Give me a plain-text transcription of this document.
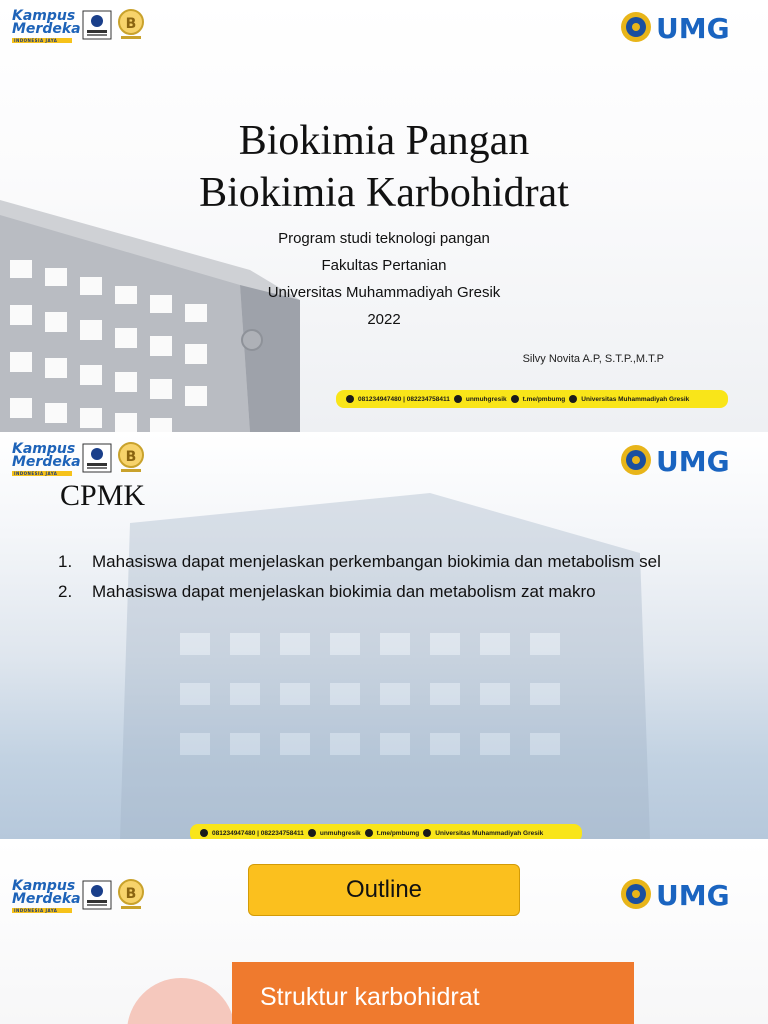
Kampus
Merdeka
INDONESIA JAYA
B	UMG
Biokimia Pangan
Biokimia Karbohidrat
Program studi teknologi pangan
Fakultas Pertanian
Universitas Muhammadiyah Gresik
2022
Silvy Novita A.P, S.T.P.,M.T.P
081234947480 | 082234758411 unmuhgresik t.me/pmbumg Universitas Muhammadiyah Gresik
Kampus
Merdeka
INDONESIA JAYA
B	UMG
CPMK
1.	Mahasiswa dapat menjelaskan perkembangan biokimia dan metabolism sel
2.	Mahasiswa dapat menjelaskan biokimia dan metabolism zat makro
081234947480 | 082234758411 unmuhgresik t.me/pmbumg Universitas Muhammadiyah Gresik
Kampus
Merdeka
INDONESIA JAYA
B	UMG
Outline
Struktur karbohidrat
